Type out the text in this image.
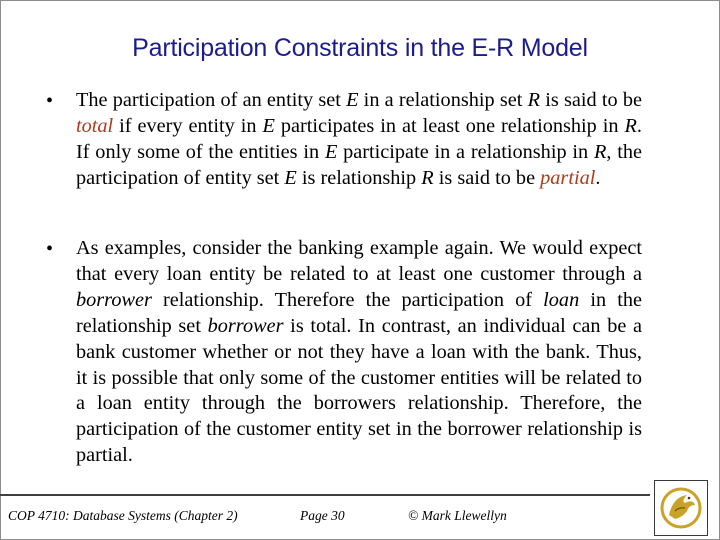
Participation Constraints in the E-R Model
• The participation of an entity set E in a relationship set R is said to be total if every entity in E participates in at least one relationship in R. If only some of the entities in E participate in a relationship in R, the participation of entity set E is relationship R is said to be partial.
• As examples, consider the banking example again. We would expect that every loan entity be related to at least one customer through a borrower relationship. Therefore the participation of loan in the relationship set borrower is total. In contrast, an individual can be a bank customer whether or not they have a loan with the bank. Thus, it is possible that only some of the customer entities will be related to a loan entity through the borrowers relationship. Therefore, the participation of the customer entity set in the borrower relationship is partial.
COP 4710: Database Systems (Chapter 2)	Page 30	© Mark Llewellyn
